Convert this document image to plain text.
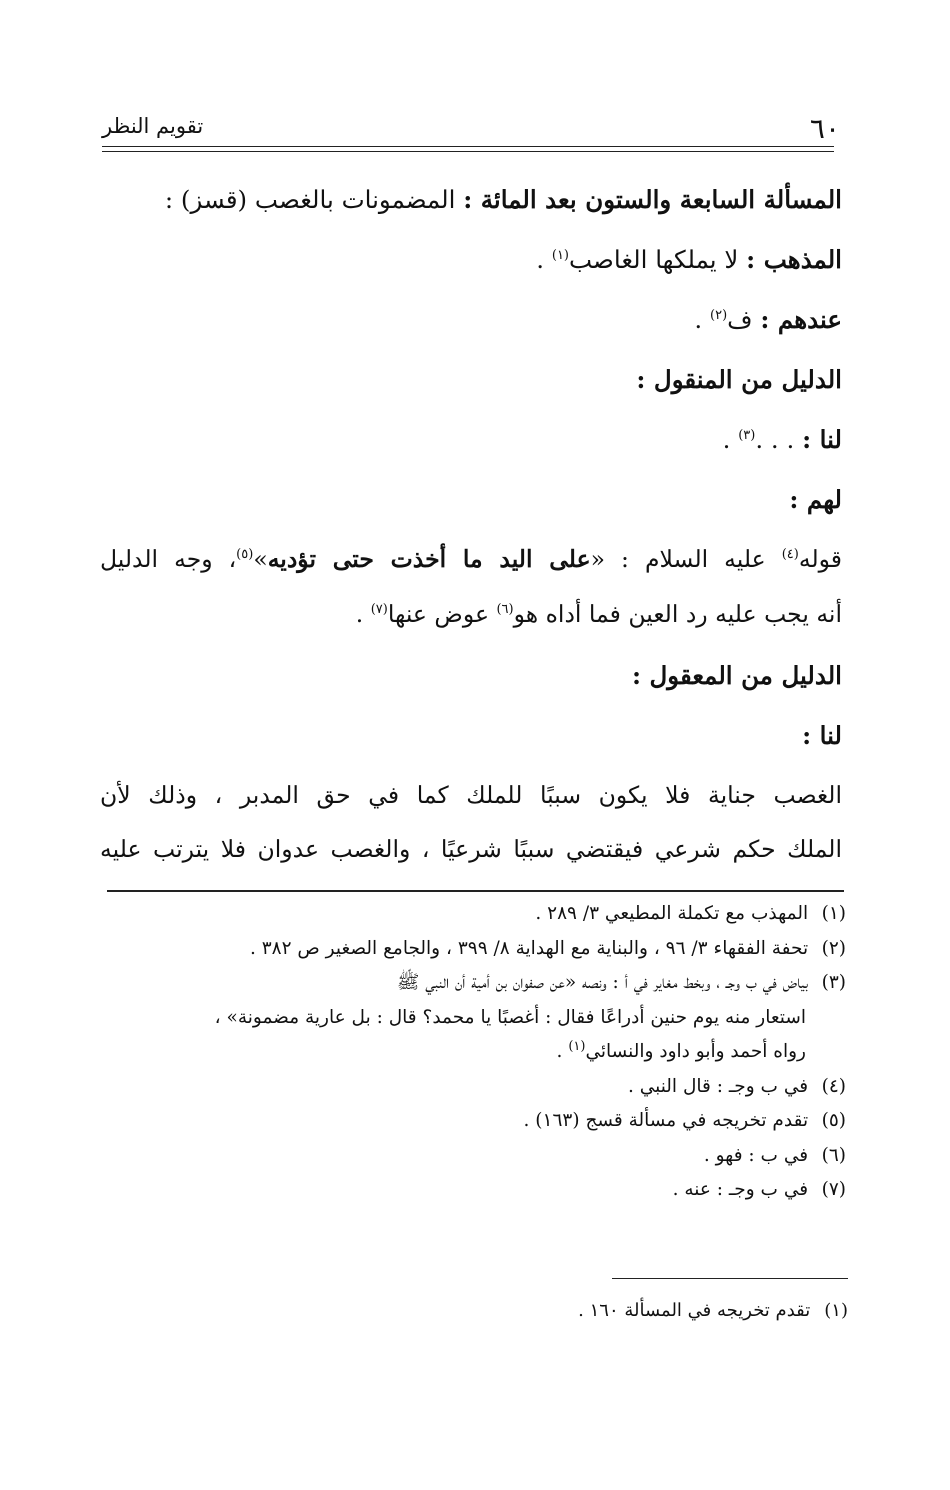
٦٠
تقويم النظر
المسألة السابعة والستون بعد المائة : المضمونات بالغصب (قسز) :
المذهب : لا يملكها الغاصب$^{(١)}$ .
عندهم : ف$^{(٢)}$ .
الدليل من المنقول :
لنا : . . .$^{(٣)}$ .
لهم :
قوله$^{(٤)}$ عليه السلام : «على اليد ما أخذت حتى تؤديه»$^{(٥)}$، وجه الدليل
أنه يجب عليه رد العين فما أداه هو$^{(٦)}$ عوض عنها$^{(٧)}$ .
الدليل من المعقول :
لنا :
الغصب جناية فلا يكون سببًا للملك كما في حق المدبر ، وذلك لأن
الملك حكم شرعي فيقتضي سببًا شرعيًا ، والغصب عدوان فلا يترتب عليه
(١) المهذب مع تكملة المطيعي ٣/ ٢٨٩ .
(٢) تحفة الفقهاء ٣/ ٩٦ ، والبناية مع الهداية ٨/ ٣٩٩ ، والجامع الصغير ص ٣٨٢ .
(٣) بياض في ب وجـ ، وبخط مغاير في أ : ونصه «عن صفوان بن أمية أن النبي ﷺ
استعار منه يوم حنين أدراعًا فقال : أغصبًا يا محمد؟ قال : بل عارية مضمونة» ،
رواه أحمد وأبو داود والنسائي$^{(١)}$ .
(٤) في ب وجـ : قال النبي .
(٥) تقدم تخريجه في مسألة قسج (١٦٣) .
(٦) في ب : فهو .
(٧) في ب وجـ : عنه .
(١) تقدم تخريجه في المسألة ١٦٠ .
